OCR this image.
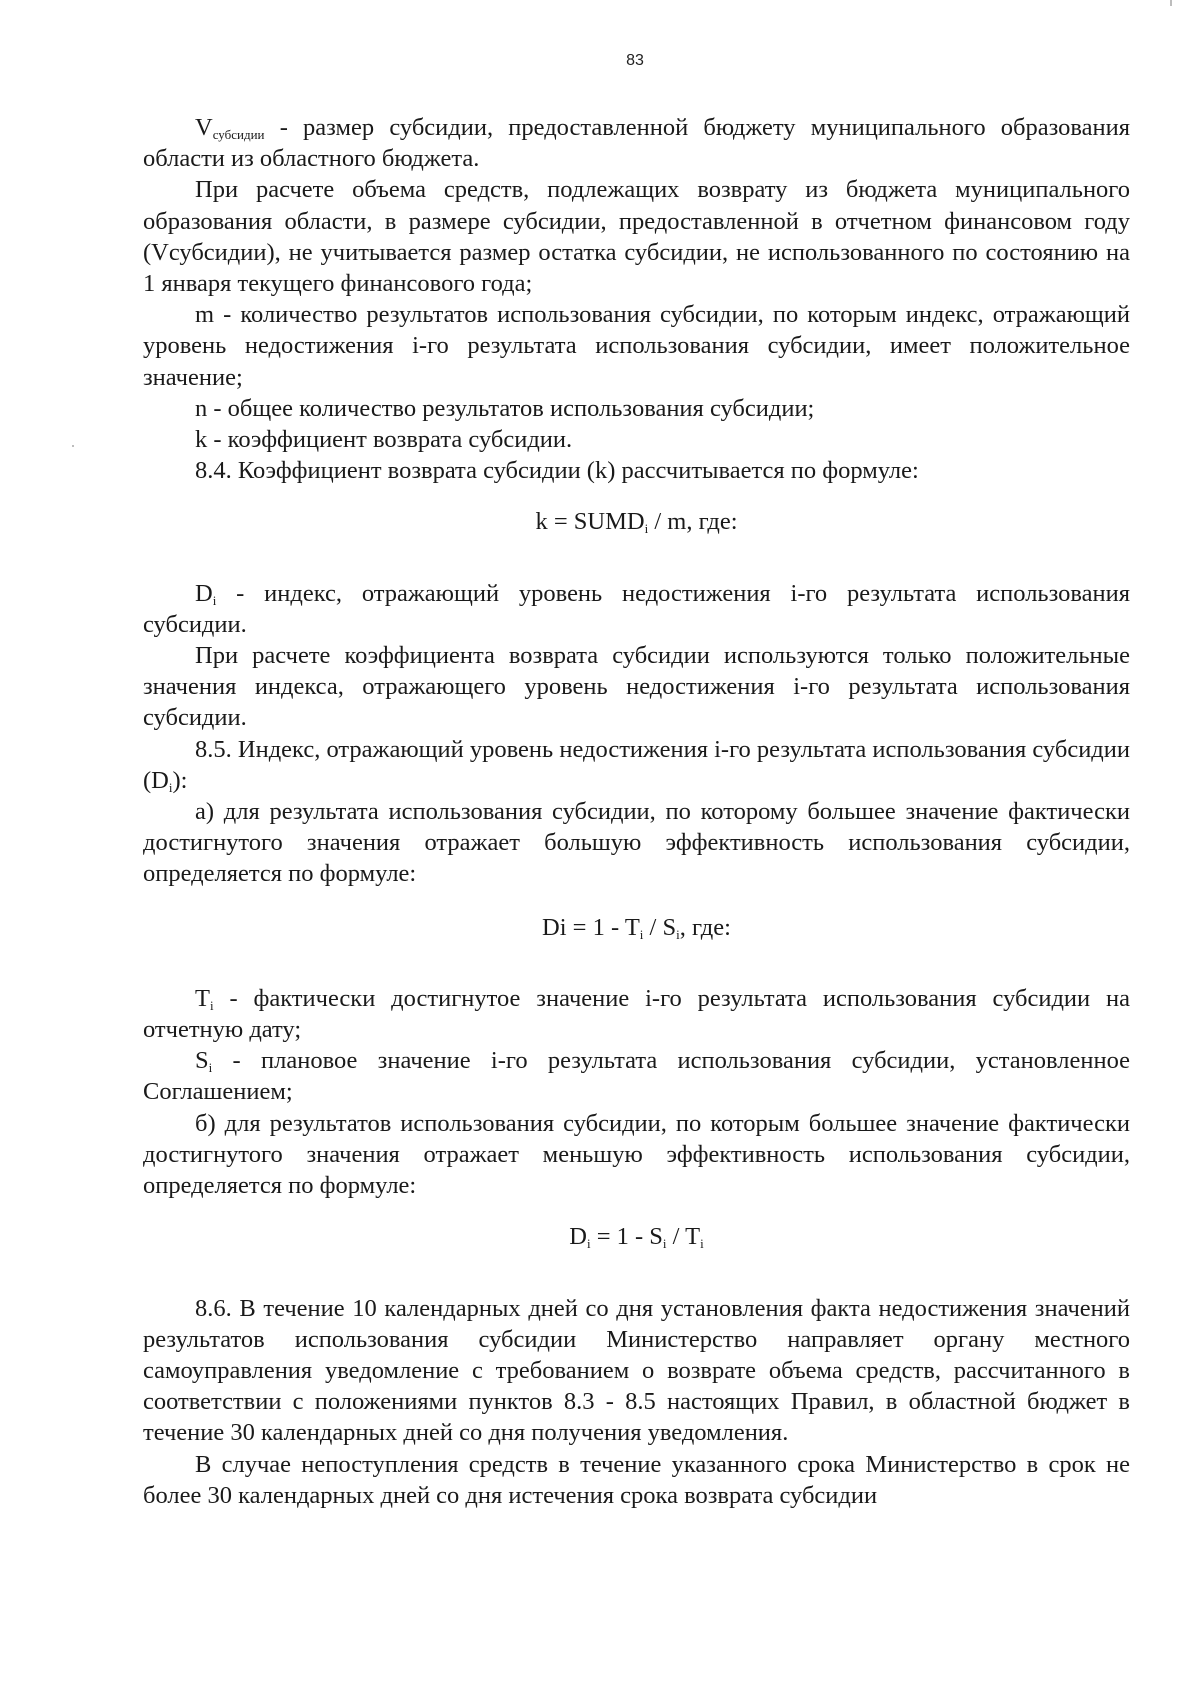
83

$V_{субсидии}$ - размер субсидии, предоставленной бюджету муниципального образования области из областного бюджета.

При расчете объема средств, подлежащих возврату из бюджета муниципального образования области, в размере субсидии, предоставленной в отчетном финансовом году (Vсубсидии), не учитывается размер остатка субсидии, не использованного по состоянию на 1 января текущего финансового года;

m - количество результатов использования субсидии, по которым индекс, отражающий уровень недостижения i-го результата использования субсидии, имеет положительное значение;

n - общее количество результатов использования субсидии;

k - коэффициент возврата субсидии.

8.4. Коэффициент возврата субсидии (k) рассчитывается по формуле:

$k = SUMD_i / m$, где:

$D_i$ - индекс, отражающий уровень недостижения i-го результата использования субсидии.

При расчете коэффициента возврата субсидии используются только положительные значения индекса, отражающего уровень недостижения i-го результата использования субсидии.

8.5. Индекс, отражающий уровень недостижения i-го результата использования субсидии $(D_i)$:

а) для результата использования субсидии, по которому большее значение фактически достигнутого значения отражает большую эффективность использования субсидии, определяется по формуле:

$Di = 1 - T_i / S_i$, где:

$T_i$ - фактически достигнутое значение i-го результата использования субсидии на отчетную дату;

$S_i$ - плановое значение i-го результата использования субсидии, установленное Соглашением;

б) для результатов использования субсидии, по которым большее значение фактически достигнутого значения отражает меньшую эффективность использования субсидии, определяется по формуле:

$D_i = 1 - S_i / T_i$

8.6. В течение 10 календарных дней со дня установления факта недостижения значений результатов использования субсидии Министерство направляет органу местного самоуправления уведомление с требованием о возврате объема средств, рассчитанного в соответствии с положениями пунктов 8.3 - 8.5 настоящих Правил, в областной бюджет в течение 30 календарных дней со дня получения уведомления.

В случае непоступления средств в течение указанного срока Министерство в срок не более 30 календарных дней со дня истечения срока возврата субсидии
